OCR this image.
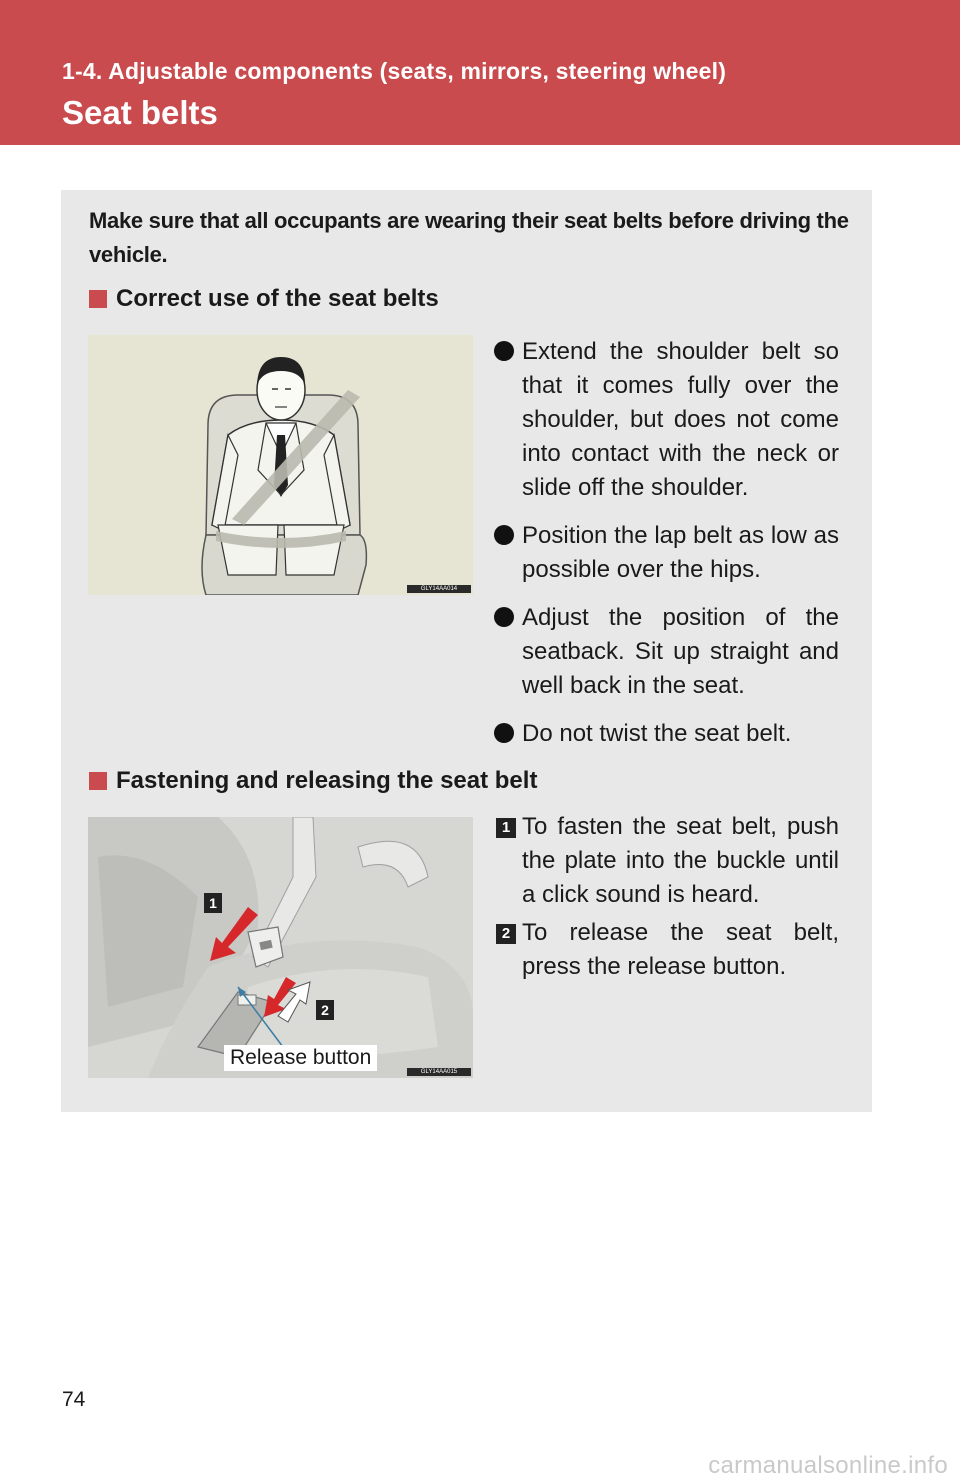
1-4. Adjustable components (seats, mirrors, steering wheel)
Seat belts
Make sure that all occupants are wearing their seat belts before driving the vehicle.
Correct use of the seat belts
GLY14AA014
Extend the shoulder belt so that it comes fully over the shoulder, but does not come into contact with the neck or slide off the shoulder.
Position the lap belt as low as possible over the hips.
Adjust the position of the seatback. Sit up straight and well back in the seat.
Do not twist the seat belt.
Fastening and releasing the seat belt
1
2
Release button
GLY14AA015
1 To fasten the seat belt, push the plate into the buckle until a click sound is heard.
2 To release the seat belt, press the release button.
74
carmanualsonline.info
